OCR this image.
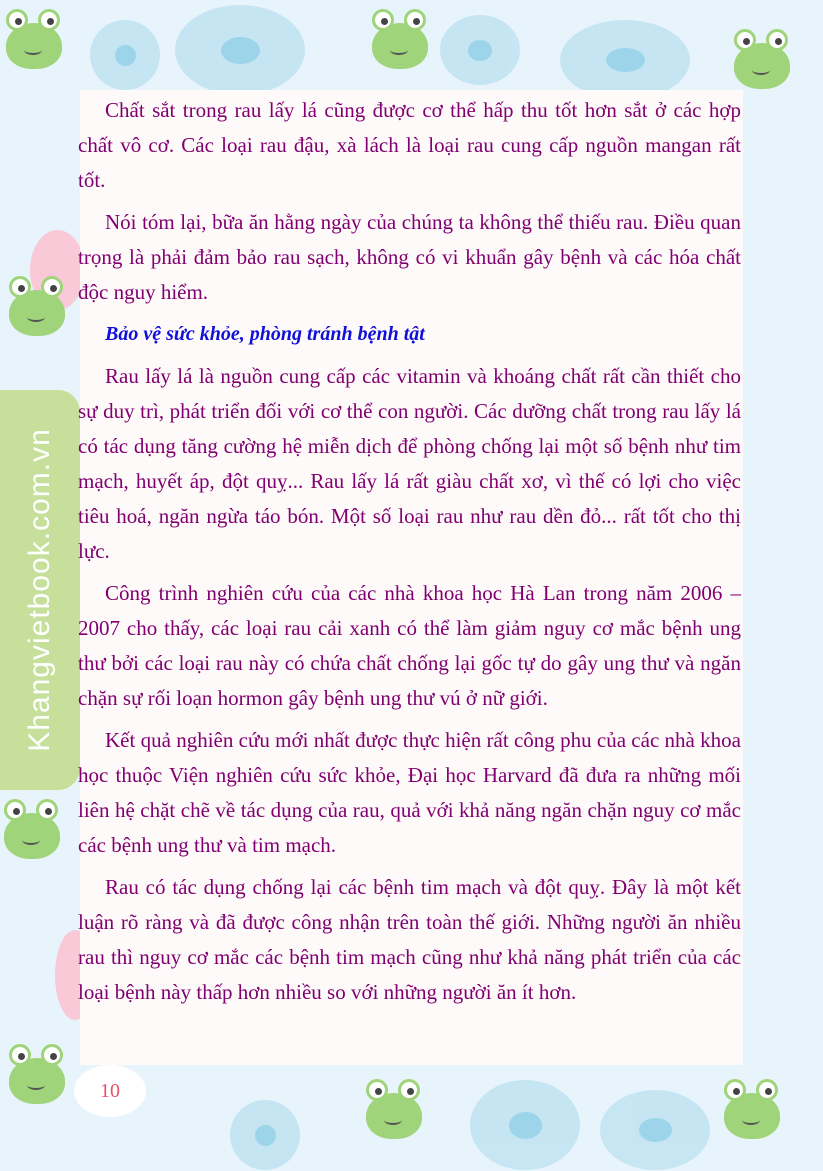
Khangvietbook.com.vn

Chất sắt trong rau lấy lá cũng được cơ thể hấp thu tốt hơn sắt ở các hợp chất vô cơ. Các loại rau đậu, xà lách là loại rau cung cấp nguồn mangan rất tốt.

Nói tóm lại, bữa ăn hằng ngày của chúng ta không thể thiếu rau. Điều quan trọng là phải đảm bảo rau sạch, không có vi khuẩn gây bệnh và các hóa chất độc nguy hiểm.

Bảo vệ sức khỏe, phòng tránh bệnh tật

Rau lấy lá là nguồn cung cấp các vitamin và khoáng chất rất cần thiết cho sự duy trì, phát triển đối với cơ thể con người. Các dưỡng chất trong rau lấy lá có tác dụng tăng cường hệ miễn dịch để phòng chống lại một số bệnh như tim mạch, huyết áp, đột quỵ... Rau lấy lá rất giàu chất xơ, vì thế có lợi cho việc tiêu hoá, ngăn ngừa táo bón. Một số loại rau như rau dền đỏ... rất tốt cho thị lực.

Công trình nghiên cứu của các nhà khoa học Hà Lan trong năm 2006 – 2007 cho thấy, các loại rau cải xanh có thể làm giảm nguy cơ mắc bệnh ung thư bởi các loại rau này có chứa chất chống lại gốc tự do gây ung thư và ngăn chặn sự rối loạn hormon gây bệnh ung thư vú ở nữ giới.

Kết quả nghiên cứu mới nhất được thực hiện rất công phu của các nhà khoa học thuộc Viện nghiên cứu sức khỏe, Đại học Harvard đã đưa ra những mối liên hệ chặt chẽ về tác dụng của rau, quả với khả năng ngăn chặn nguy cơ mắc các bệnh ung thư và tim mạch.

Rau có tác dụng chống lại các bệnh tim mạch và đột quỵ. Đây là một kết luận rõ ràng và đã được công nhận trên toàn thế giới. Những người ăn nhiều rau thì nguy cơ mắc các bệnh tim mạch cũng như khả năng phát triển của các loại bệnh này thấp hơn nhiều so với những người ăn ít hơn.

10
